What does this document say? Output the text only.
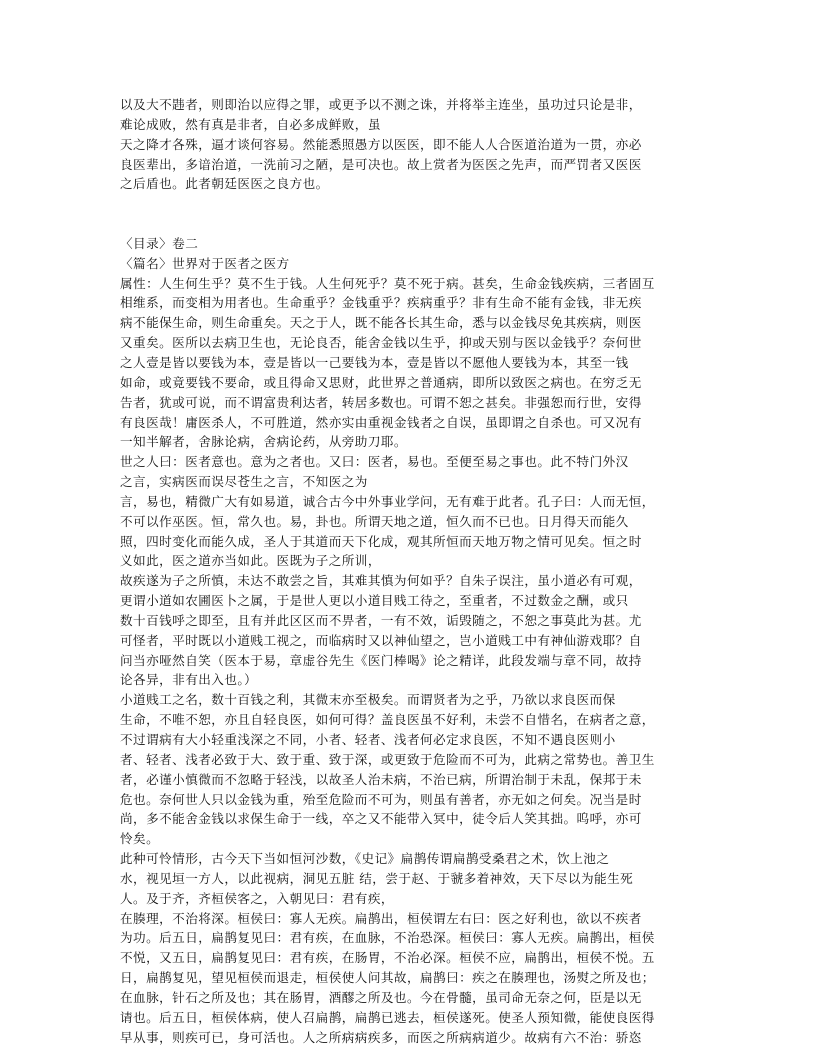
以及大不韪者，则即治以应得之罪，或更予以不测之诛，并将举主连坐，虽功过只论是非，
难论成败，然有真是非者，自必多成鲜败，虽
天之降才各殊，逼才谈何容易。然能悉照愚方以医医，即不能人人合医道治道为一贯，亦必
良医辈出，多谙治道，一洗前习之陋，是可决也。故上赏者为医医之先声，而严罚者又医医
之后盾也。此者朝廷医医之良方也。
〈目录〉卷二
〈篇名〉世界对于医者之医方
属性：人生何生乎？莫不生于钱。人生何死乎？莫不死于病。甚矣，生命金钱疾病，三者固互
相维系，而变相为用者也。生命重乎？金钱重乎？疾病重乎？非有生命不能有金钱，非无疾
病不能保生命，则生命重矣。天之于人，既不能各长其生命，悉与以金钱尽免其疾病，则医
又重矣。医所以去病卫生也，无论良否，能舍金钱以生乎，抑或天别与医以金钱乎？奈何世
之人壹是皆以要钱为本，壹是皆以一己要钱为本，壹是皆以不愿他人要钱为本，其至一钱
如命，或竟要钱不要命，或且得命又思财，此世界之普通病，即所以致医之病也。在穷乏无
告者，犹或可说，而不谓富贵利达者，转居多数也。可谓不恕之甚矣。非强恕而行世，安得
有良医哉！庸医杀人，不可胜道，然亦实由重视金钱者之自误，虽即谓之自杀也。可又况有
一知半解者，舍脉论病，舍病论药，从旁助刀耶。
世之人曰：医者意也。意为之者也。又曰：医者，易也。至便至易之事也。此不特门外汉
之言，实病医而误尽苍生之言，不知医之为
言，易也，精微广大有如易道，诚合古今中外事业学问，无有难于此者。孔子曰：人而无恒，
不可以作巫医。恒，常久也。易，卦也。所谓天地之道，恒久而不已也。日月得天而能久
照，四时变化而能久成，圣人于其道而天下化成，观其所恒而天地万物之情可见矣。恒之时
义如此，医之道亦当如此。医既为子之所训，
故疾遂为子之所慎，未达不敢尝之旨，其难其慎为何如乎？自朱子误注，虽小道必有可观，
更谓小道如农圃医卜之属，于是世人更以小道目贱工待之，至重者，不过数金之酬，或只
数十百钱呼之即至，且有并此区区而不畀者，一有不效，诟毁随之，不恕之事莫此为甚。尤
可怪者，平时既以小道贱工视之，而临病时又以神仙望之，岂小道贱工中有神仙游戏耶？自
问当亦哑然自笑（医本于易，章虚谷先生《医门棒喝》论之精详，此段发端与章不同，故持
论各异，非有出入也。）
小道贱工之名，数十百钱之利，其微末亦至极矣。而谓贤者为之乎，乃欲以求良医而保
生命，不唯不恕，亦且自轻良医，如何可得？盖良医虽不好利，未尝不自惜名，在病者之意，
不过谓病有大小轻重浅深之不同，小者、轻者、浅者何必定求良医，不知不遇良医则小
者、轻者、浅者必致于大、致于重、致于深，或更致于危险而不可为，此病之常势也。善卫生
者，必谨小慎微而不忽略于轻浅，以故圣人治未病，不治已病，所谓治制于未乱，保邦于未
危也。奈何世人只以金钱为重，殆至危险而不可为，则虽有善者，亦无如之何矣。况当是时
尚，多不能舍金钱以求保生命于一线，卒之又不能带入冥中，徒令后人笑其拙。呜呼，亦可
怜矣。
此种可怜情形，古今天下当如恒河沙数，《史记》扁鹊传谓扁鹊受桑君之术，饮上池之
水，视见垣一方人，以此视病，洞见五脏 结，尝于赵、于虢多着神效，天下尽以为能生死
人。及于齐，齐桓侯客之，入朝见曰：君有疾，
在腠理，不治将深。桓侯曰：寡人无疾。扁鹊出，桓侯谓左右曰：医之好利也，欲以不疾者
为功。后五日，扁鹊复见曰：君有疾，在血脉，不治恐深。桓侯曰：寡人无疾。扁鹊出，桓侯
不悦，又五日，扁鹊复见曰：君有疾，在肠胃，不治必深。桓侯不应，扁鹊出，桓侯不悦。五
日，扁鹊复见，望见桓侯而退走，桓侯使人问其故，扁鹊曰：疾之在腠理也，汤熨之所及也；
在血脉，针石之所及也；其在肠胃，酒醪之所及也。今在骨髓，虽司命无奈之何，臣是以无
请也。后五日，桓侯体病，使人召扁鹊，扁鹊已逃去，桓侯遂死。使圣人预知微，能使良医得
早从事，则疾可已，身可活也。人之所病病疾多，而医之所病病道少。故病有六不治：骄恣
